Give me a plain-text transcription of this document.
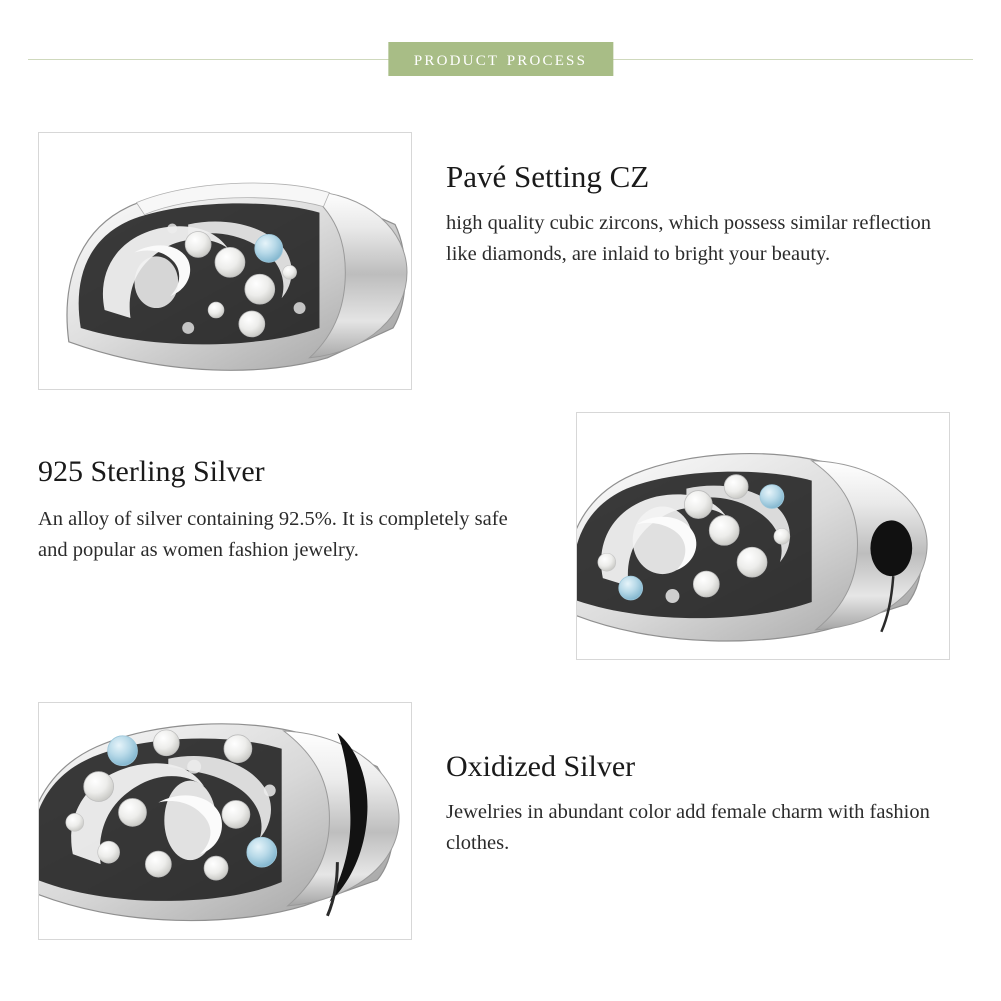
product process
Pavé Setting CZ

high quality cubic zircons, which possess similar reflection like diamonds, are inlaid to bright your beauty.

925 Sterling Silver

An alloy of silver containing 92.5%. It is completely safe and popular as women fashion jewelry.

Oxidized Silver

Jewelries in abundant color add female charm with fashion clothes.
